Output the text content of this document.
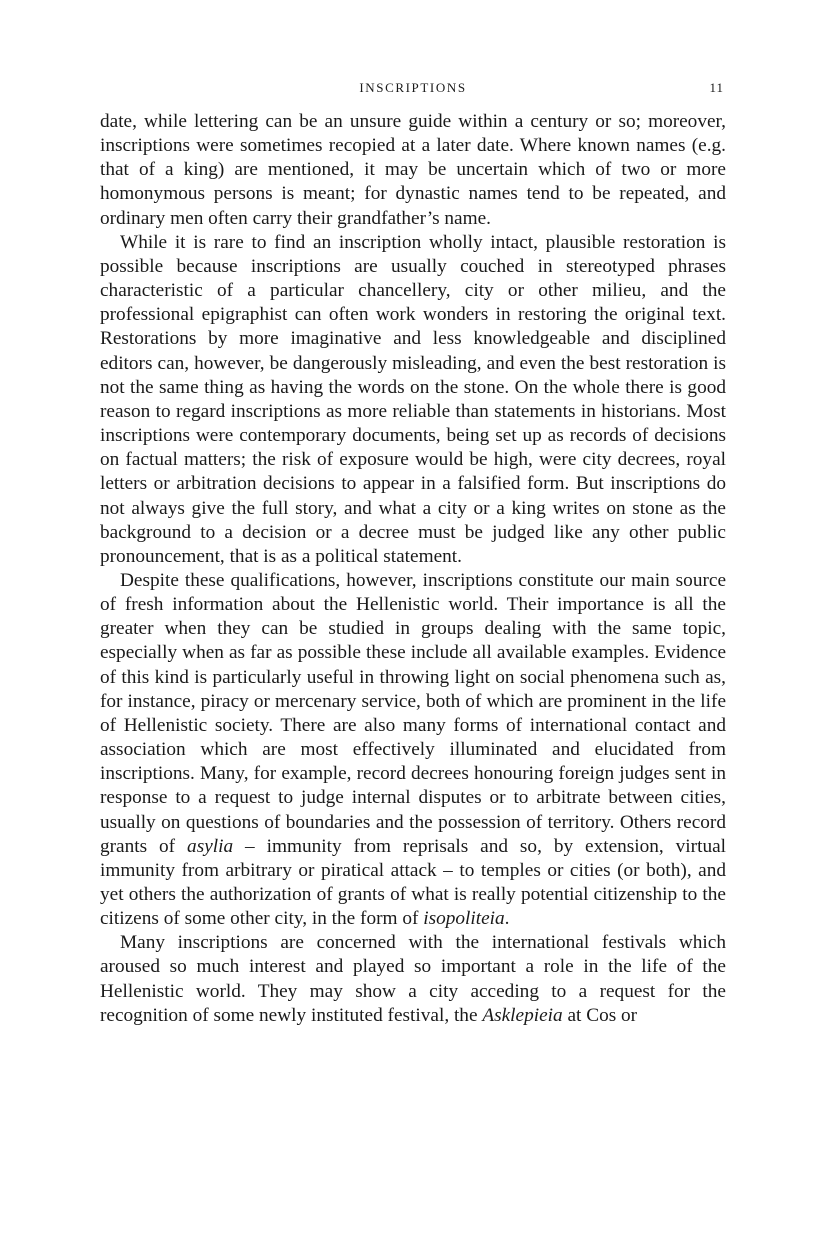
INSCRIPTIONS	11

date, while lettering can be an unsure guide within a century or so; moreover, inscriptions were sometimes recopied at a later date. Where known names (e.g. that of a king) are mentioned, it may be uncertain which of two or more homonymous persons is meant; for dynastic names tend to be repeated, and ordinary men often carry their grandfather’s name.

While it is rare to find an inscription wholly intact, plausible restoration is possible because inscriptions are usually couched in stereotyped phrases characteristic of a particular chancellery, city or other milieu, and the professional epigraphist can often work wonders in restoring the original text. Restorations by more imaginative and less knowledgeable and disciplined editors can, however, be dangerously misleading, and even the best restoration is not the same thing as having the words on the stone. On the whole there is good reason to regard inscriptions as more reliable than statements in historians. Most inscriptions were contemporary documents, being set up as records of decisions on factual matters; the risk of exposure would be high, were city decrees, royal letters or arbitration decisions to appear in a falsified form. But inscriptions do not always give the full story, and what a city or a king writes on stone as the background to a decision or a decree must be judged like any other public pronouncement, that is as a political statement.

Despite these qualifications, however, inscriptions constitute our main source of fresh information about the Hellenistic world. Their importance is all the greater when they can be studied in groups dealing with the same topic, especially when as far as possible these include all available examples. Evidence of this kind is particularly useful in throwing light on social phenomena such as, for instance, piracy or mercenary service, both of which are prominent in the life of Hellenistic society. There are also many forms of international contact and association which are most effectively illuminated and elucidated from inscriptions. Many, for example, record decrees honouring foreign judges sent in response to a request to judge internal disputes or to arbitrate between cities, usually on questions of boundaries and the possession of territory. Others record grants of asylia – immunity from reprisals and so, by extension, virtual immunity from arbitrary or piratical attack – to temples or cities (or both), and yet others the authorization of grants of what is really potential citizenship to the citizens of some other city, in the form of isopoliteia.

Many inscriptions are concerned with the international festivals which aroused so much interest and played so important a role in the life of the Hellenistic world. They may show a city acceding to a request for the recognition of some newly instituted festival, the Asklepieia at Cos or
